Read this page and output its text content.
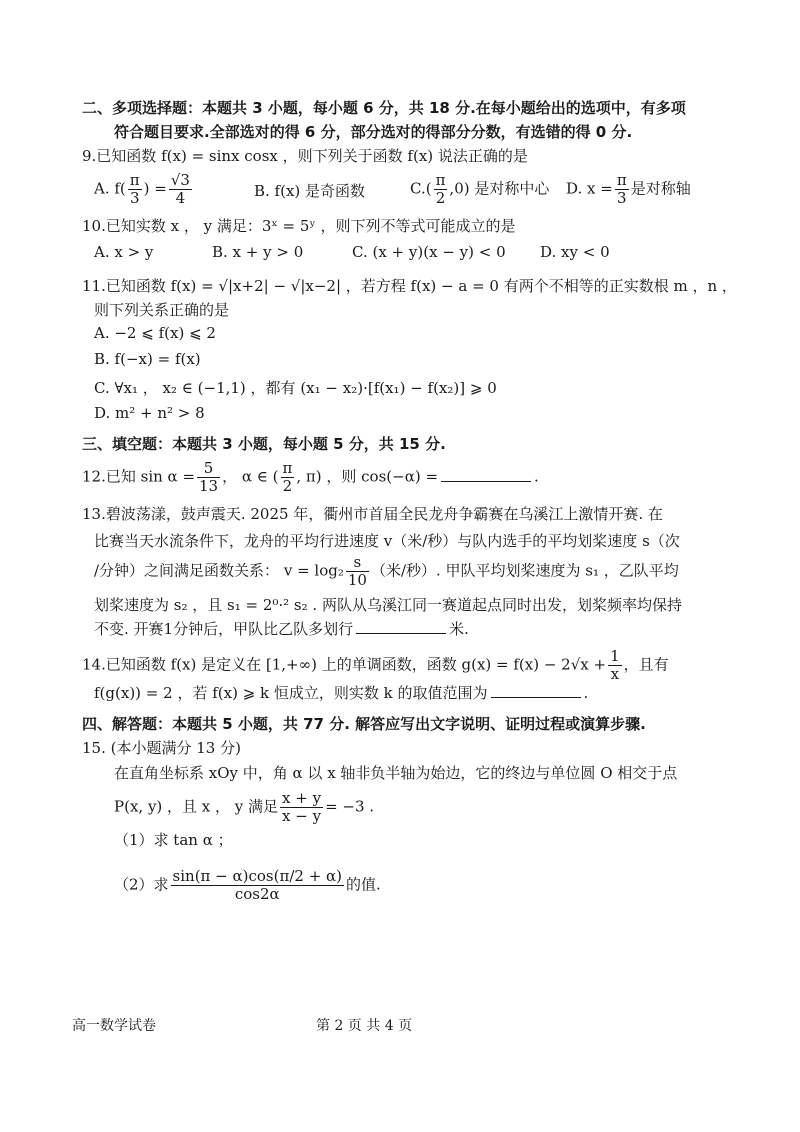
二、多项选择题：本题共 3 小题，每小题 6 分，共 18 分.在每小题给出的选项中，有多项
符合题目要求.全部选对的得 6 分，部分选对的得部分分数，有选错的得 0 分.
9.已知函数 f(x) = sinx cosx ，则下列关于函数 f(x) 说法正确的是
A. $f( \frac{\pi}{3}$ ) = $\frac{√3}{4}$	B. f(x) 是奇函数	$C.( \frac{\pi}{2} ,0)$ 是对称中心 D. $x = \frac{\pi}{3}$ 是对称轴
10.已知实数 x ， y 满足：3ˣ = 5ʸ ，则下列不等式可能成立的是
A. x > y	B. x + y > 0	C. (x + y)(x − y) < 0 D. xy < 0
11.已知函数 f(x) = √|x+2| − √|x−2| ，若方程 f(x) − a = 0 有两个不相等的正实数根 m ，n ，
则下列关系正确的是
A. −2 ⩽ f(x) ⩽ 2
B. f(−x) = f(x)
C. ∀x₁ ， x₂ ∈ (−1,1) ，都有 (x₁ − x₂)·[f(x₁) − f(x₂)] ⩾ 0
D. m² + n² > 8
三、填空题：本题共 3 小题，每小题 5 分，共 15 分.
12.已知 $\sin \alpha = \frac{5}{13}$ ， α ∈ ( $\frac{\pi}{2}$ , π) ，则 cos(−α) =	.
13.碧波荡漾，鼓声震天. 2025 年，衢州市首届全民龙舟争霸赛在乌溪江上激情开赛. 在
比赛当天水流条件下，龙舟的平均行进速度 v（米/秒）与队内选手的平均划桨速度 s（次
/分钟）之间满足函数关系： $v = \log_2 \frac{s}{10}$ （米/秒）. 甲队平均划桨速度为 s₁ ，乙队平均
划桨速度为 s₂ ，且 s₁ = 2⁰·² s₂ . 两队从乌溪江同一赛道起点同时出发，划桨频率均保持
不变. 开赛1分钟后，甲队比乙队多划行	米.
14.已知函数 f(x) 是定义在 [1,+∞) 上的单调函数，函数 $g(x) = f(x) - 2√x + \frac{1}{x}$ ，且有
f(g(x)) = 2 ，若 f(x) ⩾ k 恒成立，则实数 k 的取值范围为	.
四、解答题：本题共 5 小题，共 77 分. 解答应写出文字说明、证明过程或演算步骤.
15. (本小题满分 13 分)
在直角坐标系 xOy 中，角 α 以 x 轴非负半轴为始边，它的终边与单位圆 O 相交于点
P(x, y) ，且 x ， y 满足 $\frac{x + y}{x - y} = -3$ .
（1）求 tan α ；
（2）求 $\frac{\sin(\pi - \alpha)\cos(\pi/2 + \alpha)}{\cos 2\alpha}$ 的值.
高一数学试卷	第 2 页 共 4 页
